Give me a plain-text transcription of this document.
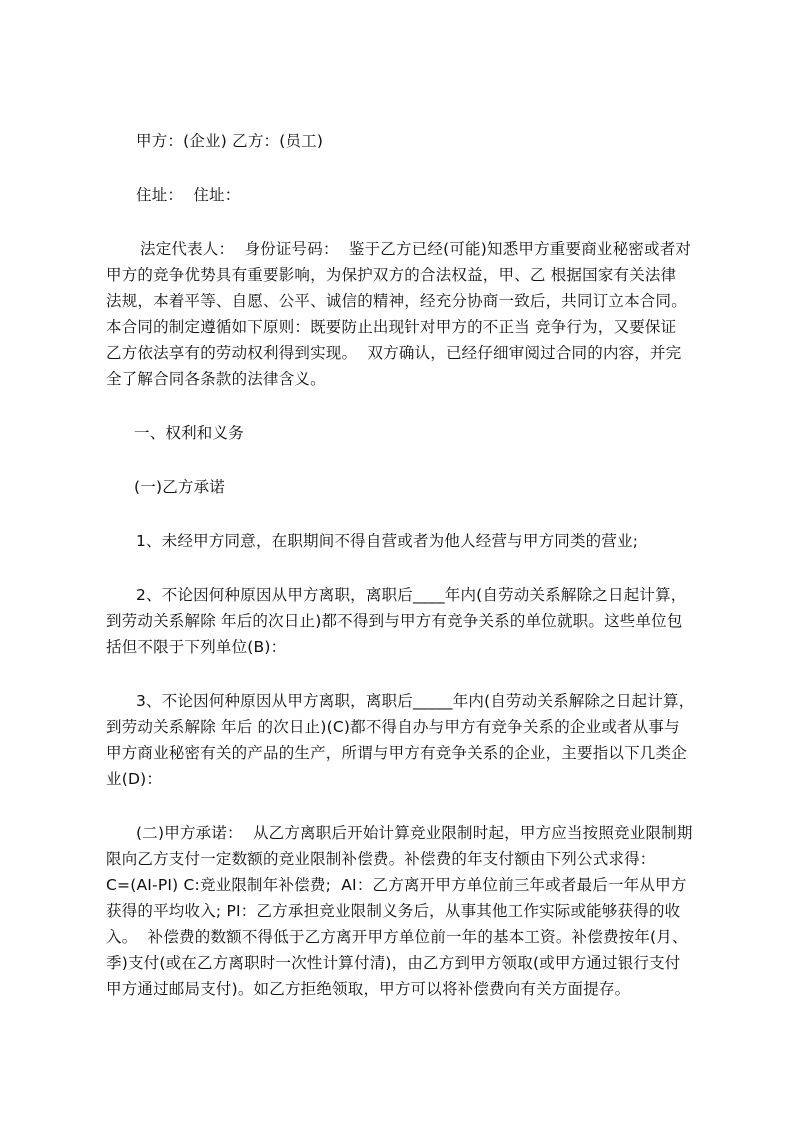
甲方：(企业) 乙方：(员工)
住址：  住址：
法定代表人：  身份证号码：  鉴于乙方已经(可能)知悉甲方重要商业秘密或者对
甲方的竞争优势具有重要影响，为保护双方的合法权益，甲、乙 根据国家有关法律
法规，本着平等、自愿、公平、诚信的精神，经充分协商一致后，共同订立本合同。
本合同的制定遵循如下原则：既要防止出现针对甲方的不正当 竞争行为，又要保证
乙方依法享有的劳动权利得到实现。  双方确认，已经仔细审阅过合同的内容，并完
全了解合同各条款的法律含义。
一、权利和义务
(一)乙方承诺
1、未经甲方同意，在职期间不得自营或者为他人经营与甲方同类的营业;
2、不论因何种原因从甲方离职，离职后____年内(自劳动关系解除之日起计算，
到劳动关系解除 年后的次日止)都不得到与甲方有竞争关系的单位就职。这些单位包
括但不限于下列单位(B)：
3、不论因何种原因从甲方离职，离职后_____年内(自劳动关系解除之日起计算，
到劳动关系解除 年后 的次日止)(C)都不得自办与甲方有竞争关系的企业或者从事与
甲方商业秘密有关的产品的生产，所谓与甲方有竞争关系的企业，主要指以下几类企
业(D)：
(二)甲方承诺：  从乙方离职后开始计算竞业限制时起，甲方应当按照竞业限制期
限向乙方支付一定数额的竞业限制补偿费。补偿费的年支付额由下列公式求得：
C=(AI-PI) C:竞业限制年补偿费;  AI：乙方离开甲方单位前三年或者最后一年从甲方
获得的平均收入; PI：乙方承担竞业限制义务后，从事其他工作实际或能够获得的收
入。  补偿费的数额不得低于乙方离开甲方单位前一年的基本工资。补偿费按年(月、
季)支付(或在乙方离职时一次性计算付清)，由乙方到甲方领取(或甲方通过银行支付
甲方通过邮局支付)。如乙方拒绝领取，甲方可以将补偿费向有关方面提存。
